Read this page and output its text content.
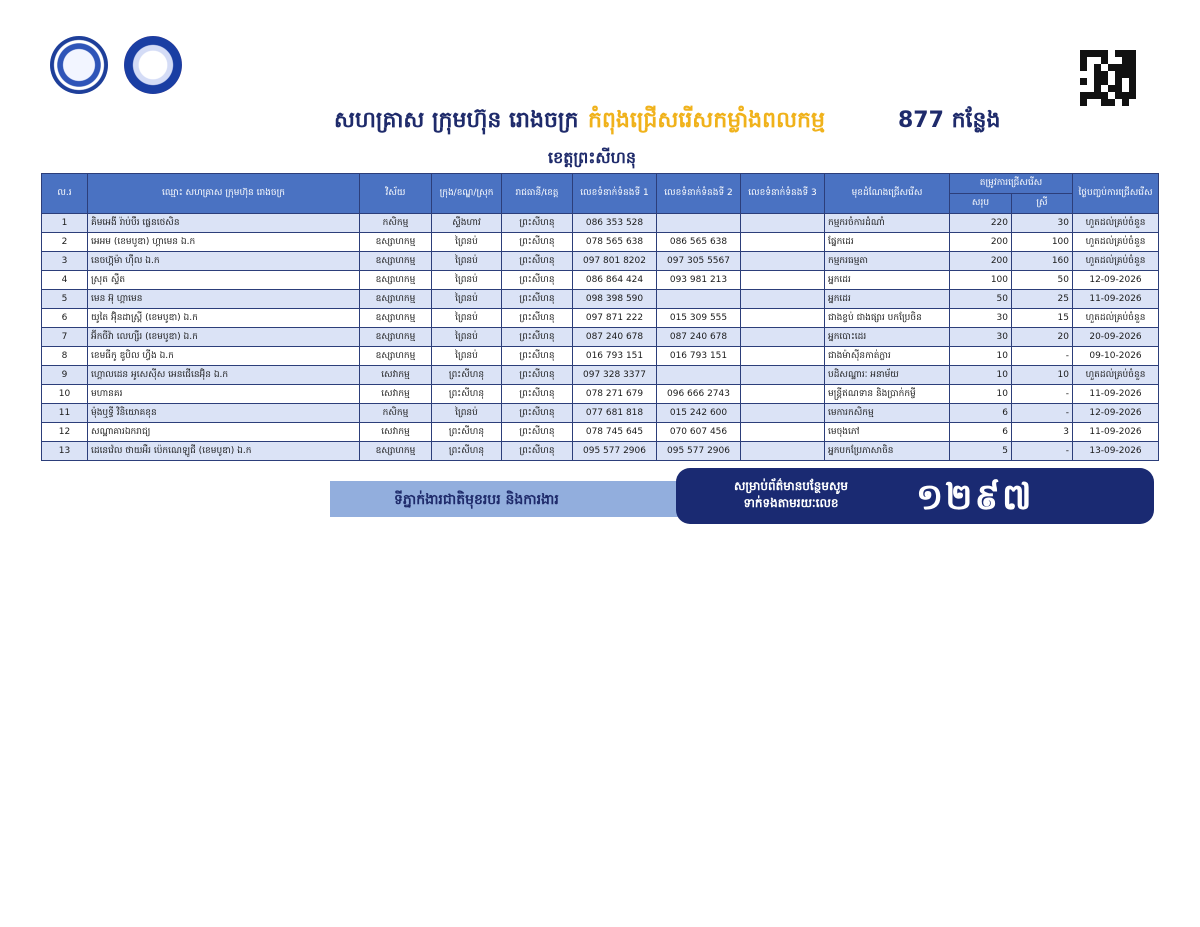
សហគ្រាស ក្រុមហ៊ុន រោងចក្រ កំពុងជ្រើសរើសកម្លាំងពលកម្ម	877 កន្លែង
ខេត្តព្រះសីហនុ
ល.រ	ឈ្មោះ សហគ្រាស ក្រុមហ៊ុន រោងចក្រ	វិស័យ	ក្រុង/ខណ្ឌ/ស្រុក	រាជធានី/ខេត្ត	លេខទំនាក់ទំនងទី 1	លេខទំនាក់ទំនងទី 2	លេខទំនាក់ទំនងទី 3	មុខដំណែងជ្រើសរើស	តម្រូវការជ្រើសរើស		ថ្ងៃបញ្ចប់ការជ្រើសរើស
									សរុប	ស្រី	
1	គិមអេងី រ៉ាប់បឺរ ផ្លេនថេសិន	កសិកម្ម	ស្ទឹងហាវ	ព្រះសីហនុ	086 353 528			កម្មករចំការដំណាំ	220	30	ហួតដល់គ្រប់ចំនួន
2	អេអម (ខេមបូឌា) ហ្គាមេន ឯ.ក	ឧស្សាហកម្ម	ព្រៃនប់	ព្រះសីហនុ	078 565 638	086 565 638		ផ្នែកដេរ	200	100	ហួតដល់គ្រប់ចំនួន
3	នេចហ្គ៊ុម៉ា ហ៊ឹល ឯ.ក	ឧស្សាហកម្ម	ព្រៃនប់	ព្រះសីហនុ	097 801 8202	097 305 5567		កម្មករធម្មតា	200	160	ហួតដល់គ្រប់ចំនួន
4	ស្រុត ស្ទឹត	ឧស្សាហកម្ម	ព្រៃនប់	ព្រះសីហនុ	086 864 424	093 981 213		អ្នកដេរ	100	50	12-09-2026
5	មេន អ៊ុ ហ្គាមេន	ឧស្សាហកម្ម	ព្រៃនប់	ព្រះសីហនុ	098 398 590			អ្នកដេរ	50	25	11-09-2026
6	យូតៃ អ៊ុិនដាស្ត្រី (ខេមបូឌា) ឯ.ក	ឧស្សាហកម្ម	ព្រៃនប់	ព្រះសីហនុ	097 871 222	015 309 555		ជាងខ្ចប់ ជាងផ្សារ បកប្រែចិន	30	15	ហួតដល់គ្រប់ចំនួន
7	អ៊ីកចីវ៉ា លេហ្សឺរ (ខេមបូឌា) ឯ.ក	ឧស្សាហកម្ម	ព្រៃនប់	ព្រះសីហនុ	087 240 678	087 240 678		អ្នកបោះដេរ	30	20	20-09-2026
8	ខេមធីកូ ឌូបិល ហ្វីង ឯ.ក	ឧស្សាហកម្ម	ព្រៃនប់	ព្រះសីហនុ	016 793 151	016 793 151		ជាងម៉ាស៊ីនកាត់ក្លារ	10	-	09-10-2026
9	ហ្គោលដេន អូសេស៊ីស អេនជើនេអ៊ុិន ឯ.ក	សេវាកម្ម	ព្រះសីហនុ	ព្រះសីហនុ	097 328 3377			បដិសណ្ឋារៈ អនាម័យ	10	10	ហួតដល់គ្រប់ចំនួន
10	មហានគរ	សេវាកម្ម	ព្រះសីហនុ	ព្រះសីហនុ	078 271 679	096 666 2743		មន្ត្រីឥណទាន និងប្រាក់កម្ចី	10	-	11-09-2026
11	ម៉ុងឬទ្ធី វិនិយោគខុន	កសិកម្ម	ព្រៃនប់	ព្រះសីហនុ	077 681 818	015 242 600		មេការកសិកម្ម	6	-	12-09-2026
12	សណ្ឋាគារឯករាជ្យ	សេវាកម្ម	ព្រះសីហនុ	ព្រះសីហនុ	078 745 645	070 607 456		មេចុងភៅ	6	3	11-09-2026
13	ដេនេវ៉េល ថាយអឺរ ប៉េកណេឡូជី (ខេមបូឌា) ឯ.ក	ឧស្សាហកម្ម	ព្រះសីហនុ	ព្រះសីហនុ	095 577 2906	095 577 2906		អ្នកបកប្រែភាសាចិន	5	-	13-09-2026
ទីភ្នាក់ងារជាតិមុខរបរ និងការងារ
សម្រាប់ព័ត៌មានបន្ថែមសូម
ទាក់ទងតាមរយៈលេខ	១២៩៧
